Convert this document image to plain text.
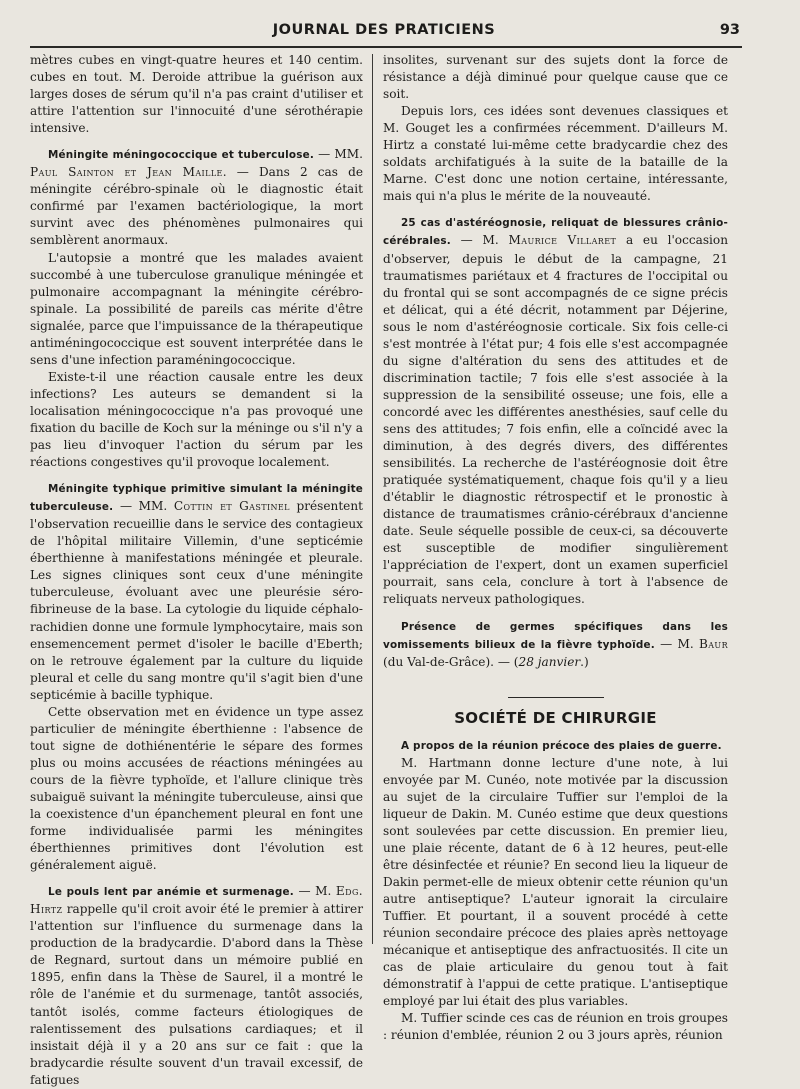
JOURNAL DES PRATICIENS	93

mètres cubes en vingt-quatre heures et 140 centim. cubes en tout. M. Deroide attribue la guérison aux larges doses de sérum qu'il n'a pas craint d'utiliser et attire l'attention sur l'innocuité d'une sérothérapie intensive.

Méningite méningococcique et tuberculose. — MM. Paul Sainton et Jean Maille. — Dans 2 cas de méningite cérébro-spinale où le diagnostic était confirmé par l'examen bactériologique, la mort survint avec des phénomènes pulmonaires qui semblèrent anormaux.

L'autopsie a montré que les malades avaient succombé à une tuberculose granulique méningée et pulmonaire accompagnant la méningite cérébro-spinale. La possibilité de pareils cas mérite d'être signalée, parce que l'impuissance de la thérapeutique antiméningococcique est souvent interprétée dans le sens d'une infection paraméningococcique.

Existe-t-il une réaction causale entre les deux infections? Les auteurs se demandent si la localisation méningococcique n'a pas provoqué une fixation du bacille de Koch sur la méninge ou s'il n'y a pas lieu d'invoquer l'action du sérum par les réactions congestives qu'il provoque localement.

Méningite typhique primitive simulant la méningite tuberculeuse. — MM. Cottin et Gastinel présentent l'observation recueillie dans le service des contagieux de l'hôpital militaire Villemin, d'une septicémie éberthienne à manifestations méningée et pleurale. Les signes cliniques sont ceux d'une méningite tuberculeuse, évoluant avec une pleurésie séro-fibrineuse de la base. La cytologie du liquide céphalo-rachidien donne une formule lymphocytaire, mais son ensemencement permet d'isoler le bacille d'Eberth; on le retrouve également par la culture du liquide pleural et celle du sang montre qu'il s'agit bien d'une septicémie à bacille typhique.

Cette observation met en évidence un type assez particulier de méningite éberthienne : l'absence de tout signe de dothiénentérie le sépare des formes plus ou moins accusées de réactions méningées au cours de la fièvre typhoïde, et l'allure clinique très subaiguë suivant la méningite tuberculeuse, ainsi que la coexistence d'un épanchement pleural en font une forme individualisée parmi les méningites éberthiennes primitives dont l'évolution est généralement aiguë.

Le pouls lent par anémie et surmenage. — M. Edg. Hirtz rappelle qu'il croit avoir été le premier à attirer l'attention sur l'influence du surmenage dans la production de la bradycardie. D'abord dans la Thèse de Regnard, surtout dans un mémoire publié en 1895, enfin dans la Thèse de Saurel, il a montré le rôle de l'anémie et du surmenage, tantôt associés, tantôt isolés, comme facteurs étiologiques de ralentissement des pulsations cardiaques; et il insistait déjà il y a 20 ans sur ce fait : que la bradycardie résulte souvent d'un travail excessif, de fatigues

insolites, survenant sur des sujets dont la force de résistance a déjà diminué pour quelque cause que ce soit.

Depuis lors, ces idées sont devenues classiques et M. Gouget les a confirmées récemment. D'ailleurs M. Hirtz a constaté lui-même cette bradycardie chez des soldats archifatigués à la suite de la bataille de la Marne. C'est donc une notion certaine, intéressante, mais qui n'a plus le mérite de la nouveauté.

25 cas d'astéréognosie, reliquat de blessures crânio-cérébrales. — M. Maurice Villaret a eu l'occasion d'observer, depuis le début de la campagne, 21 traumatismes pariétaux et 4 fractures de l'occipital ou du frontal qui se sont accompagnés de ce signe précis et délicat, qui a été décrit, notamment par Déjerine, sous le nom d'astéréognosie corticale. Six fois celle-ci s'est montrée à l'état pur; 4 fois elle s'est accompagnée du signe d'altération du sens des attitudes et de discrimination tactile; 7 fois elle s'est associée à la suppression de la sensibilité osseuse; une fois, elle a concordé avec les différentes anesthésies, sauf celle du sens des attitudes; 7 fois enfin, elle a coïncidé avec la diminution, à des degrés divers, des différentes sensibilités. La recherche de l'astéréognosie doit être pratiquée systématiquement, chaque fois qu'il y a lieu d'établir le diagnostic rétrospectif et le pronostic à distance de traumatismes crânio-cérébraux d'ancienne date. Seule séquelle possible de ceux-ci, sa découverte est susceptible de modifier singulièrement l'appréciation de l'expert, dont un examen superficiel pourrait, sans cela, conclure à tort à l'absence de reliquats nerveux pathologiques.

Présence de germes spécifiques dans les vomissements bilieux de la fièvre typhoïde. — M. Baur (du Val-de-Grâce). — (28 janvier.)

SOCIÉTÉ DE CHIRURGIE

A propos de la réunion précoce des plaies de guerre.

M. Hartmann donne lecture d'une note, à lui envoyée par M. Cunéo, note motivée par la discussion au sujet de la circulaire Tuffier sur l'emploi de la liqueur de Dakin. M. Cunéo estime que deux questions sont soulevées par cette discussion. En premier lieu, une plaie récente, datant de 6 à 12 heures, peut-elle être désinfectée et réunie? En second lieu la liqueur de Dakin permet-elle de mieux obtenir cette réunion qu'un autre antiseptique? L'auteur ignorait la circulaire Tuffier. Et pourtant, il a souvent procédé à cette réunion secondaire précoce des plaies après nettoyage mécanique et antiseptique des anfractuosités. Il cite un cas de plaie articulaire du genou tout à fait démonstratif à l'appui de cette pratique. L'antiseptique employé par lui était des plus variables.

M. Tuffier scinde ces cas de réunion en trois groupes : réunion d'emblée, réunion 2 ou 3 jours après, réunion
